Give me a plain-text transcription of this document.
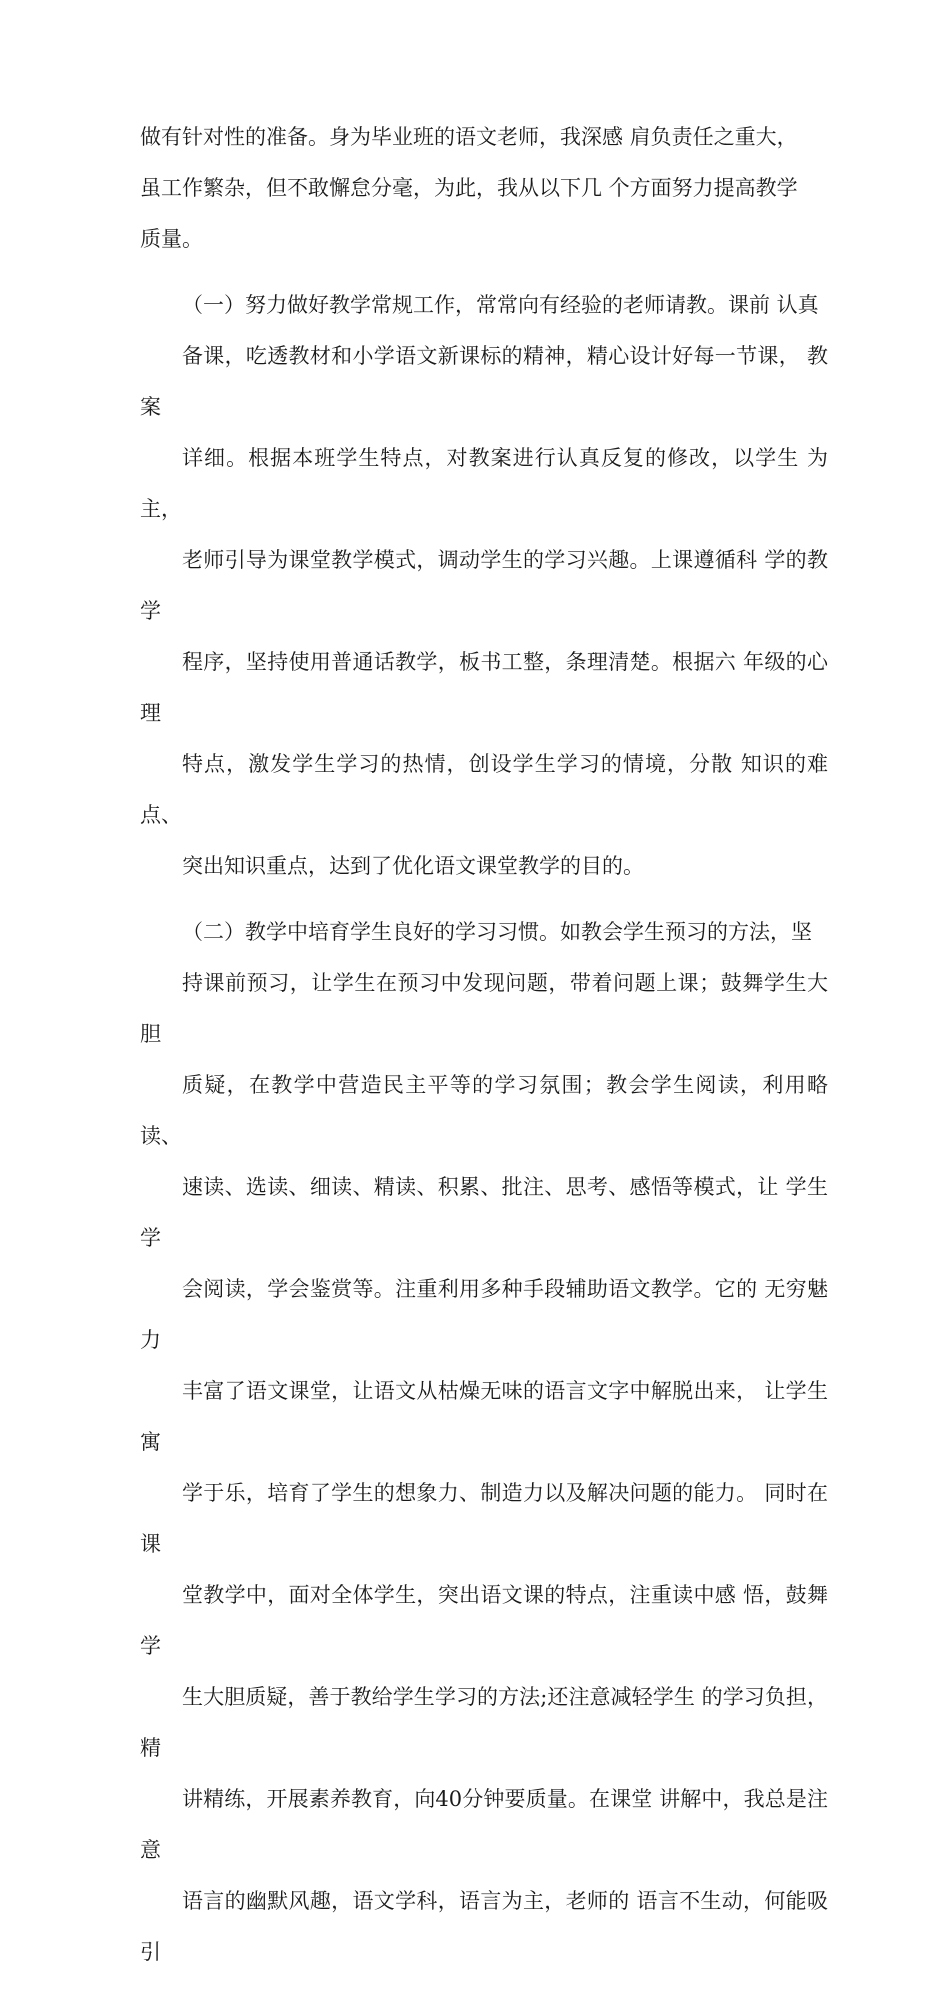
做有针对性的准备。身为毕业班的语文老师，我深感 肩负责任之重大，
虽工作繁杂，但不敢懈怠分毫，为此，我从以下几 个方面努力提高教学
质量。

（一）努力做好教学常规工作，常常向有经验的老师请教。课前 认真
备课，吃透教材和小学语文新课标的精神，精心设计好每一节课， 教案
详细。根据本班学生特点，对教案进行认真反复的修改，以学生 为主，
老师引导为课堂教学模式，调动学生的学习兴趣。上课遵循科 学的教学
程序，坚持使用普通话教学，板书工整，条理清楚。根据六 年级的心理
特点，激发学生学习的热情，创设学生学习的情境，分散 知识的难点、
突出知识重点，达到了优化语文课堂教学的目的。

（二）教学中培育学生良好的学习习惯。如教会学生预习的方法，坚
持课前预习，让学生在预习中发现问题，带着问题上课；鼓舞学生大 胆
质疑，在教学中营造民主平等的学习氛围；教会学生阅读，利用略 读、
速读、选读、细读、精读、积累、批注、思考、感悟等模式，让 学生学
会阅读，学会鉴赏等。注重利用多种手段辅助语文教学。它的 无穷魅力
丰富了语文课堂，让语文从枯燥无味的语言文字中解脱出来， 让学生寓
学于乐，培育了学生的想象力、制造力以及解决问题的能力。 同时在课
堂教学中，面对全体学生，突出语文课的特点，注重读中感 悟，鼓舞学
生大胆质疑，善于教给学生学习的方法;还注意减轻学生 的学习负担，精
讲精练，开展素养教育，向40分钟要质量。在课堂 讲解中，我总是注意
语言的幽默风趣，语文学科，语言为主，老师的 语言不生动，何能吸引
